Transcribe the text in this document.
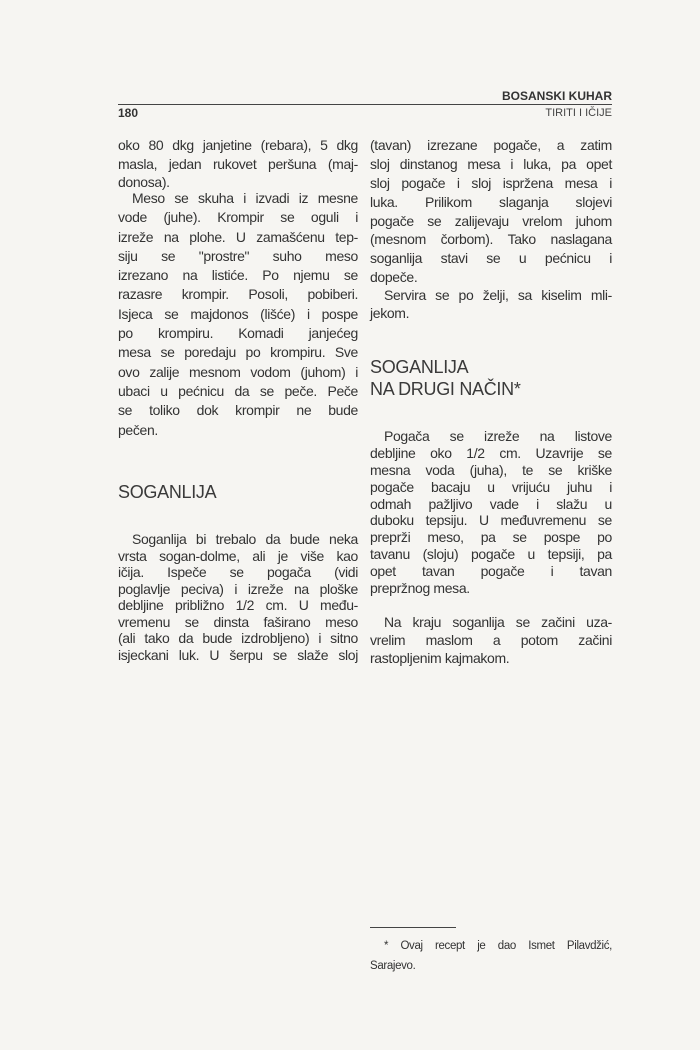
BOSANSKI KUHAR
180	TIRITI I IČIJE
oko 80 dkg janjetine (rebara), 5 dkg
masla, jedan rukovet peršuna (maj-
donosa).
Meso se skuha i izvadi iz mesne
vode (juhe). Krompir se oguli i
izreže na plohe. U zamašćenu tep-
siju se "prostre" suho meso
izrezano na listiće. Po njemu se
razasre krompir. Posoli, pobiberi.
Isjeca se majdonos (lišće) i pospe
po krompiru. Komadi janjećeg
mesa se poredaju po krompiru. Sve
ovo zalije mesnom vodom (juhom) i
ubaci u pećnicu da se peče. Peče
se toliko dok krompir ne bude
pečen.
SOGANLIJA
Soganlija bi trebalo da bude neka
vrsta sogan-dolme, ali je više kao
ičija. Ispeče se pogača (vidi
poglavlje peciva) i izreže na ploške
debljine približno 1/2 cm. U među-
vremenu se dinsta faširano meso
(ali tako da bude izdrobljeno) i sitno
isjeckani luk. U šerpu se slaže sloj
(tavan) izrezane pogače, a zatim
sloj dinstanog mesa i luka, pa opet
sloj pogače i sloj ispržena mesa i
luka. Prilikom slaganja slojevi
pogače se zalijevaju vrelom juhom
(mesnom čorbom). Tako naslagana
soganlija stavi se u pećnicu i
dopeče.
Servira se po želji, sa kiselim mli-
jekom.
SOGANLIJA
NA DRUGI NAČIN*
Pogača se izreže na listove
debljine oko 1/2 cm. Uzavrije se
mesna voda (juha), te se kriške
pogače bacaju u vrijuću juhu i
odmah pažljivo vade i slažu u
duboku tepsiju. U međuvremenu se
preprži meso, pa se pospe po
tavanu (sloju) pogače u tepsiji, pa
opet tavan pogače i tavan
prepržnog mesa.
Na kraju soganlija se začini uza-
vrelim maslom a potom začini
rastopljenim kajmakom.
* Ovaj recept je dao Ismet Pilavdžić,
Sarajevo.
